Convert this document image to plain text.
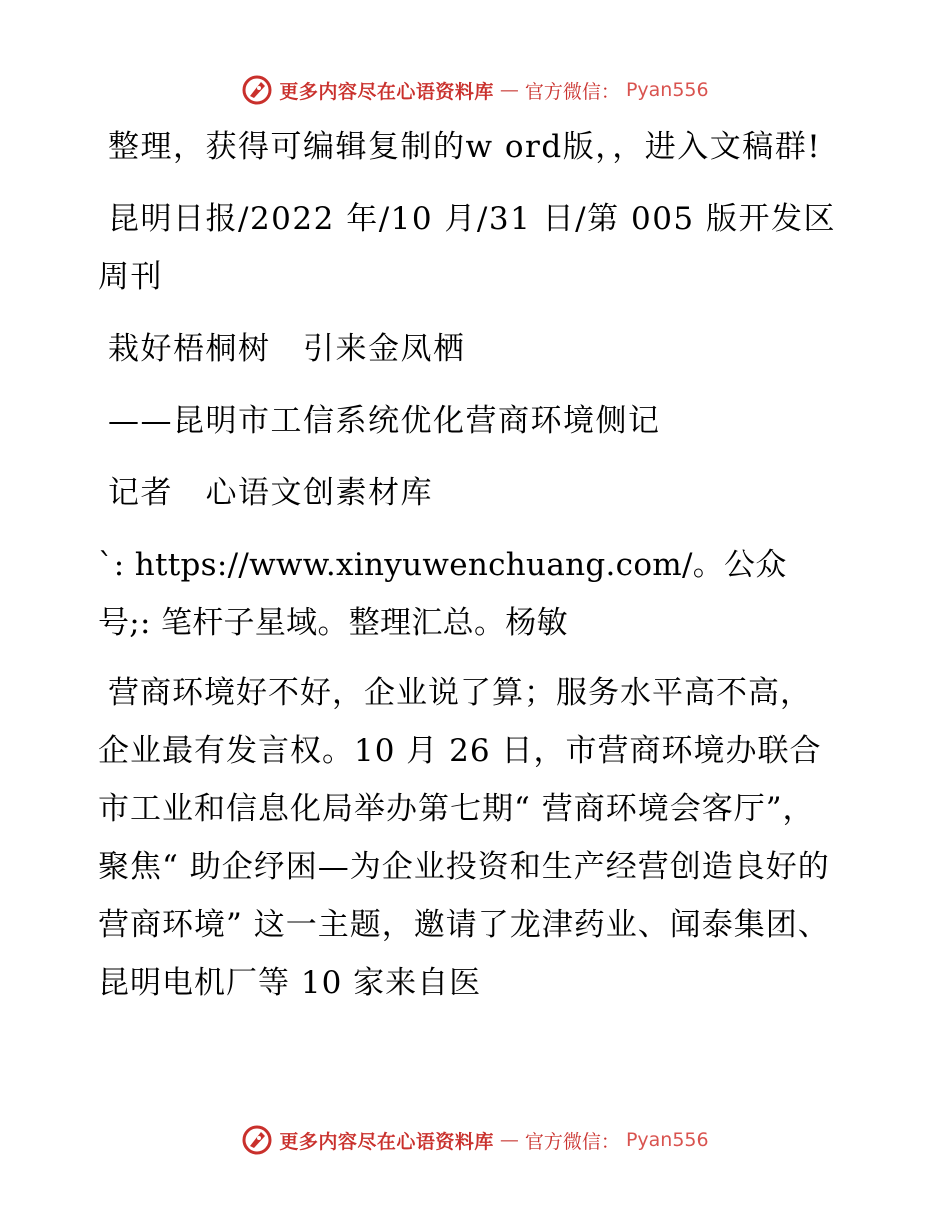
更多内容尽在心语资料库 — 官方微信： Pyan556

整理，获得可编辑复制的w ord版，，进入文稿群!

昆明日报/2022 年/10 月/31 日/第 005 版开发区周刊

栽好梧桐树　引来金凤栖

——昆明市工信系统优化营商环境侧记

记者　心语文创素材库

`: https://www.xinyuwenchuang.com/。公众号;: 笔杆子星域。整理汇总。杨敏

营商环境好不好，企业说了算；服务水平高不高，企业最有发言权。10 月 26 日，市营商环境办联合市工业和信息化局举办第七期“ 营商环境会客厅”，聚焦“ 助企纾困—为企业投资和生产经营创造良好的营商环境” 这一主题，邀请了龙津药业、闻泰集团、昆明电机厂等 10 家来自医

更多内容尽在心语资料库 — 官方微信： Pyan556
